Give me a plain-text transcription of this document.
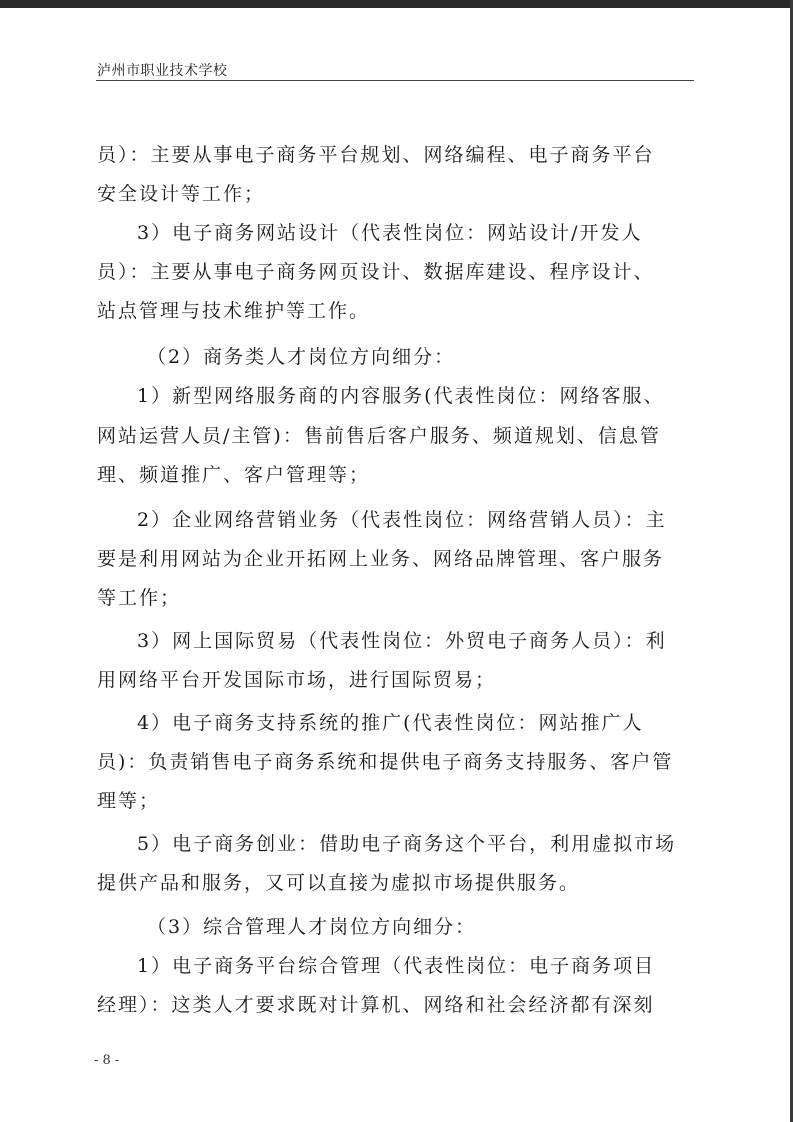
泸州市职业技术学校
员）：主要从事电子商务平台规划、网络编程、电子商务平台
安全设计等工作；
3）电子商务网站设计（代表性岗位：网站设计/开发人
员）：主要从事电子商务网页设计、数据库建设、程序设计、
站点管理与技术维护等工作。
（2）商务类人才岗位方向细分：
1）新型网络服务商的内容服务(代表性岗位：网络客服、
网站运营人员/主管)：售前售后客户服务、频道规划、信息管
理、频道推广、客户管理等；
2）企业网络营销业务（代表性岗位：网络营销人员）：主
要是利用网站为企业开拓网上业务、网络品牌管理、客户服务
等工作；
3）网上国际贸易（代表性岗位：外贸电子商务人员）：利
用网络平台开发国际市场，进行国际贸易；
4）电子商务支持系统的推广(代表性岗位：网站推广人
员)：负责销售电子商务系统和提供电子商务支持服务、客户管
理等；
5）电子商务创业：借助电子商务这个平台，利用虚拟市场
提供产品和服务，又可以直接为虚拟市场提供服务。
（3）综合管理人才岗位方向细分：
1）电子商务平台综合管理（代表性岗位：电子商务项目
经理）：这类人才要求既对计算机、网络和社会经济都有深刻
- 8 -
